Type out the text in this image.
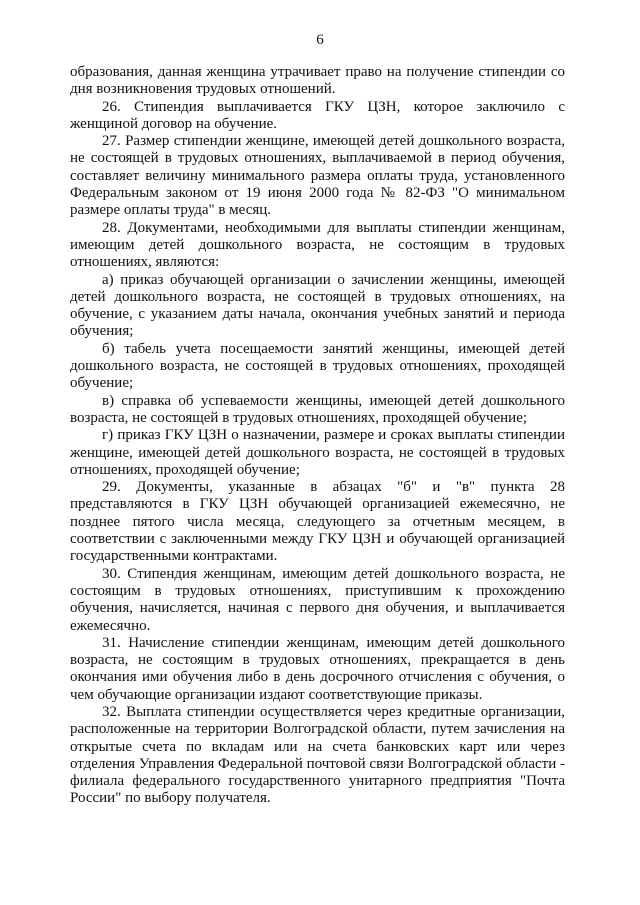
6

образования, данная женщина утрачивает право на получение стипендии со дня возникновения трудовых отношений.

26. Стипендия выплачивается ГКУ ЦЗН, которое заключило с женщиной договор на обучение.

27. Размер стипендии женщине, имеющей детей дошкольного возраста, не состоящей в трудовых отношениях, выплачиваемой в период обучения, составляет величину минимального размера оплаты труда, установленного Федеральным законом от 19 июня 2000 года № 82-ФЗ "О минимальном размере оплаты труда" в месяц.

28. Документами, необходимыми для выплаты стипендии женщинам, имеющим детей дошкольного возраста, не состоящим в трудовых отношениях, являются:

а) приказ обучающей организации о зачислении женщины, имеющей детей дошкольного возраста, не состоящей в трудовых отношениях, на обучение, с указанием даты начала, окончания учебных занятий и периода обучения;

б) табель учета посещаемости занятий женщины, имеющей детей дошкольного возраста, не состоящей в трудовых отношениях, проходящей обучение;

в) справка об успеваемости женщины, имеющей детей дошкольного возраста, не состоящей в трудовых отношениях, проходящей обучение;

г) приказ ГКУ ЦЗН о назначении, размере и сроках выплаты стипендии женщине, имеющей детей дошкольного возраста, не состоящей в трудовых отношениях, проходящей обучение;

29. Документы, указанные в абзацах "б" и "в" пункта 28 представляются в ГКУ ЦЗН обучающей организацией ежемесячно, не позднее пятого числа месяца, следующего за отчетным месяцем, в соответствии с заключенными между ГКУ ЦЗН и обучающей организацией государственными контрактами.

30. Стипендия женщинам, имеющим детей дошкольного возраста, не состоящим в трудовых отношениях, приступившим к прохождению обучения, начисляется, начиная с первого дня обучения, и выплачивается ежемесячно.

31. Начисление стипендии женщинам, имеющим детей дошкольного возраста, не состоящим в трудовых отношениях, прекращается в день окончания ими обучения либо в день досрочного отчисления с обучения, о чем обучающие организации издают соответствующие приказы.

32. Выплата стипендии осуществляется через кредитные организации, расположенные на территории Волгоградской области, путем зачисления на открытые счета по вкладам или на счета банковских карт или через отделения Управления Федеральной почтовой связи Волгоградской области - филиала федерального государственного унитарного предприятия "Почта России" по выбору получателя.
